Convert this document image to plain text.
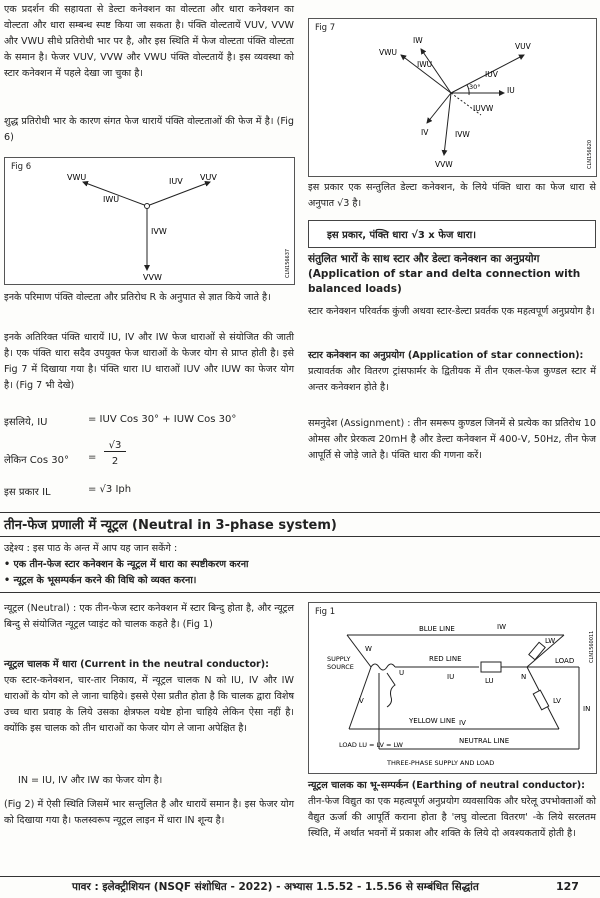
एक प्रदर्शन की सहायता से डेल्टा कनेक्शन का वोल्टता और धारा कनेक्शन का वोल्टता और धारा सम्बन्ध स्पष्ट किया जा सकता है। पंक्ति वोल्टतायें VUV, VVW और VWU सीधे प्रतिरोधी भार पर है, और इस स्थिति में फेज वोल्टता पंक्ति वोल्टता के समान है। फेजर VUV, VVW और VWU पंक्ति वोल्टतायें है। इस व्यवस्था को स्टार कनेक्शन में पहले देखा जा चुका है।
शुद्ध प्रतिरोधी भार के कारण संगत फेज धारायें पंक्ति वोल्टताओं की फेज में है। (Fig 6)
Fig 6
VWU
IWU
VUV
IUV
IVW
VVW	CLN156637
इनके परिमाण पंक्ति वोल्टता और प्रतिरोध R के अनुपात से ज्ञात किये जाते है।
इनके अतिरिक्त पंक्ति धारायें IU, IV और IW फेज धाराओं से संयोजित की जाती है। एक पंक्ति धारा सदैव उपयुक्त फेज धाराओं के फेजर योग से प्राप्त होती है। इसे Fig 7 में दिखाया गया है। पंक्ति धारा IU धाराओं IUV और IUW का फेजर योग है। (Fig 7 भी देखे)
इसलिये, IU	= IUV Cos 30° + IUW Cos 30°
लेकिन Cos 30° =
√3
2
इस प्रकार IL	= √3 Iph
Fig 7
IW
VWU
IWU
VUV
IUV
30°	IU
IUVW
IV	IVW
VVW	CLN156620
इस प्रकार एक सन्तुलित डेल्टा कनेक्शन, के लिये पंक्ति धारा का फेज धारा से अनुपात √3 है।
इस प्रकार, पंक्ति धारा √3 x फेज धारा।
संतुलित भारों के साथ स्टार और डेल्टा कनेक्शन का अनुप्रयोग (Application of star and delta connection with balanced loads)
स्टार कनेक्शन परिवर्तक कुंजी अथवा स्टार-डेल्टा प्रवर्तक एक महत्वपूर्ण अनुप्रयोग है।
स्टार कनेक्शन का अनुप्रयोग (Application of star connection):
प्रत्यावर्तक और वितरण ट्रांसफार्मर के द्वितीयक में तीन एकल-फेज कुण्डल स्टार में अन्तर कनेक्शन होते है।
समनुदेश (Assignment) : तीन समरूप कुण्डल जिनमें से प्रत्येक का प्रतिरोध 10 ओमस और प्रेरकत्व 20mH है और डेल्टा कनेक्शन में 400-V, 50Hz, तीन फेज आपूर्ति से जोड़े जाते है। पंक्ति धारा की गणना करें।
तीन-फेज प्रणाली में न्यूट्रल (Neutral in 3-phase system)
उद्देश्य : इस पाठ के अन्त में आप यह जान सकेंगे :
• एक तीन-फेज स्टार कनेक्शन के न्यूट्रल में धारा का स्पष्टीकरण करना
• न्यूट्रल के भूसम्पर्कन करने की विधि को व्यक्त करना।
न्यूट्रल (Neutral) : एक तीन-फेज स्टार कनेक्शन में स्टार बिन्दु होता है, और न्यूट्रल बिन्दु से संयोजित न्यूट्रल प्वाइंट को चालक कहते है। (Fig 1)
न्यूट्रल चालक में धारा (Current in the neutral conductor):
एक स्टार-कनेक्शन, चार-तार निकाय, में न्यूट्रल चालक N को IU, IV और IW धाराओं के योग को ले जाना चाहिये। इससे ऐसा प्रतीत होता है कि चालक द्वारा विशेष उच्च धारा प्रवाह के लिये उसका क्षेत्रफल यथेष्ट होना चाहिये लेकिन ऐसा नहीं है। क्योंकि इस चालक को तीन धाराओं का फेजर योग ले जाना अपेक्षित है।
IN = IU, IV और IW का फेजर योग है।
(Fig 2) में ऐसी स्थिति जिसमें भार सन्तुलित है और धारायें समान है। इस फेजर योग को दिखाया गया है। फलस्वरूप न्यूट्रल लाइन में धारा IN शून्य है।
Fig 1
BLUE LINE	IW
SUPPLY
SOURCE
W
U
V
RED LINE
IU	LU	N
LOAD
LW
LV
IN
YELLOW LINE
NEUTRAL LINE
IV
LOAD LU = LV = LW
THREE-PHASE SUPPLY AND LOAD
CLN1560011
न्यूट्रल चालक का भू-सम्पर्कन (Earthing of neutral conductor):
तीन-फेज विद्युत का एक महत्वपूर्ण अनुप्रयोग व्यवसायिक और घरेलू उपभोक्ताओं को वैद्युत ऊर्जा की आपूर्ति कराना होता है 'लघु वोल्टता वितरण' -के लिये सरलतम स्थिति, में अर्थात भवनों में प्रकाश और शक्ति के लिये दो अवश्यकतायें होती है।
पावर : इलेक्ट्रीशियन (NSQF संशोधित - 2022) - अभ्यास 1.5.52 - 1.5.56 से सम्बंधित सिद्धांत	127
